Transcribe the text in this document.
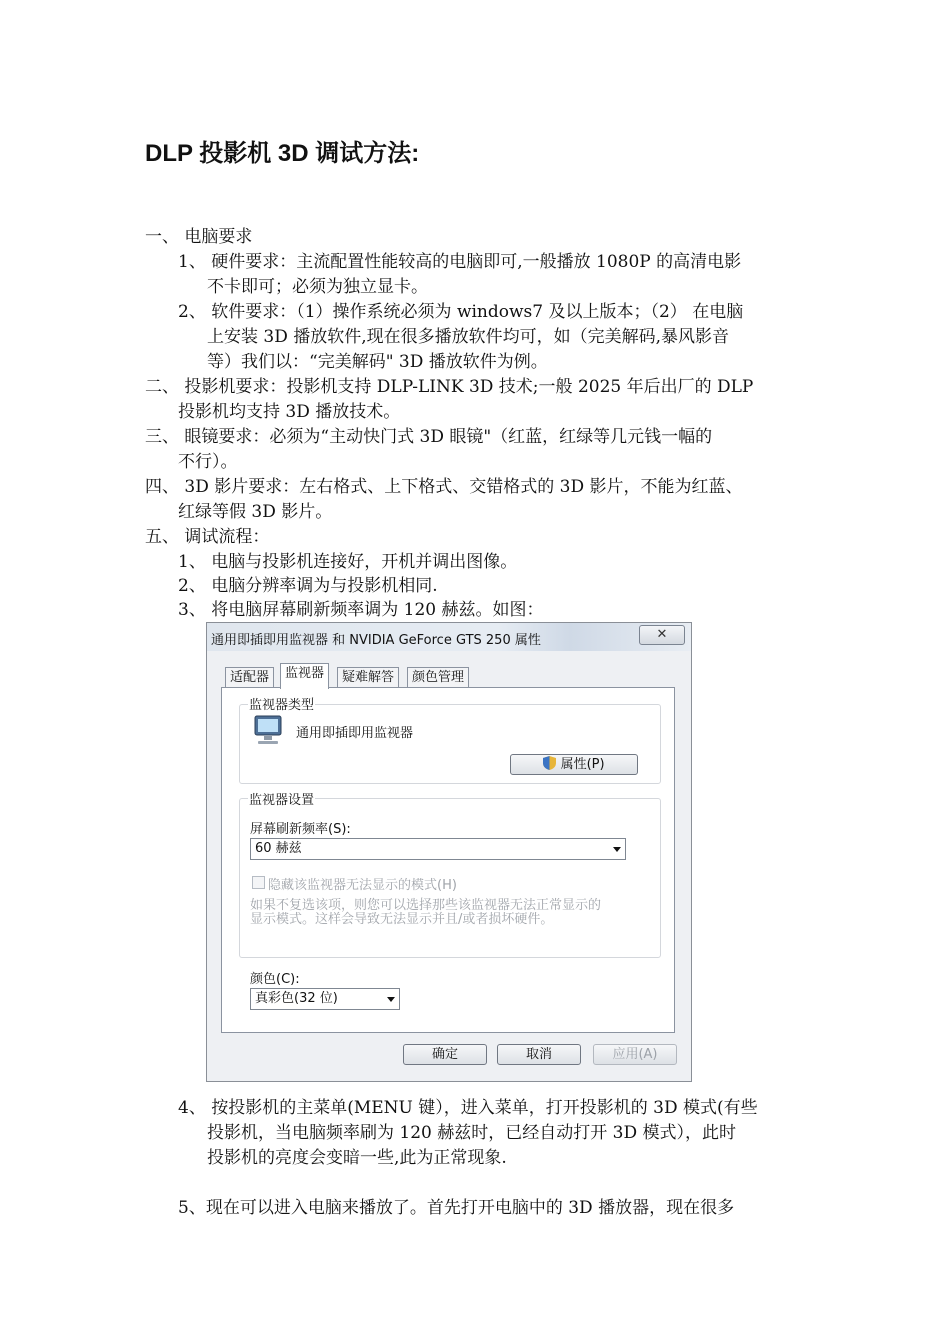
DLP 投影机 3D 调试方法:
一、 电脑要求
1、 硬件要求：主流配置性能较高的电脑即可,一般播放 1080P 的高清电影
不卡即可；必须为独立显卡。
2、 软件要求：（1）操作系统必须为 windows7 及以上版本；（2） 在电脑
上安装 3D 播放软件,现在很多播放软件均可，如（完美解码,暴风影音
等）我们以：“完美解码" 3D 播放软件为例。
二、 投影机要求：投影机支持 DLP-LINK 3D 技术;一般 2025 年后出厂的 DLP
投影机均支持 3D 播放技术。
三、 眼镜要求：必须为“主动快门式 3D 眼镜"（红蓝，红绿等几元钱一幅的
不行）。
四、 3D 影片要求：左右格式、上下格式、交错格式的 3D 影片，不能为红蓝、
红绿等假 3D 影片。
五、 调试流程：
1、 电脑与投影机连接好，开机并调出图像。
2、 电脑分辨率调为与投影机相同.
3、 将电脑屏幕刷新频率调为 120 赫兹。如图：
通用即插即用监视器 和 NVIDIA GeForce GTS 250 属性	✕
适配器	监视器	疑难解答	颜色管理
监视器类型
通用即插即用监视器
属性(P)
监视器设置
屏幕刷新频率(S):
60 赫兹
隐藏该监视器无法显示的模式(H)
如果不复选该项，则您可以选择那些该监视器无法正常显示的
显示模式。这样会导致无法显示并且/或者损坏硬件。
颜色(C):
真彩色(32 位)
确定	取消	应用(A)
4、 按投影机的主菜单(MENU 键），进入菜单，打开投影机的 3D 模式(有些
投影机，当电脑频率刷为 120 赫兹时，已经自动打开 3D 模式），此时
投影机的亮度会变暗一些,此为正常现象.
5、现在可以进入电脑来播放了。首先打开电脑中的 3D 播放器，现在很多
